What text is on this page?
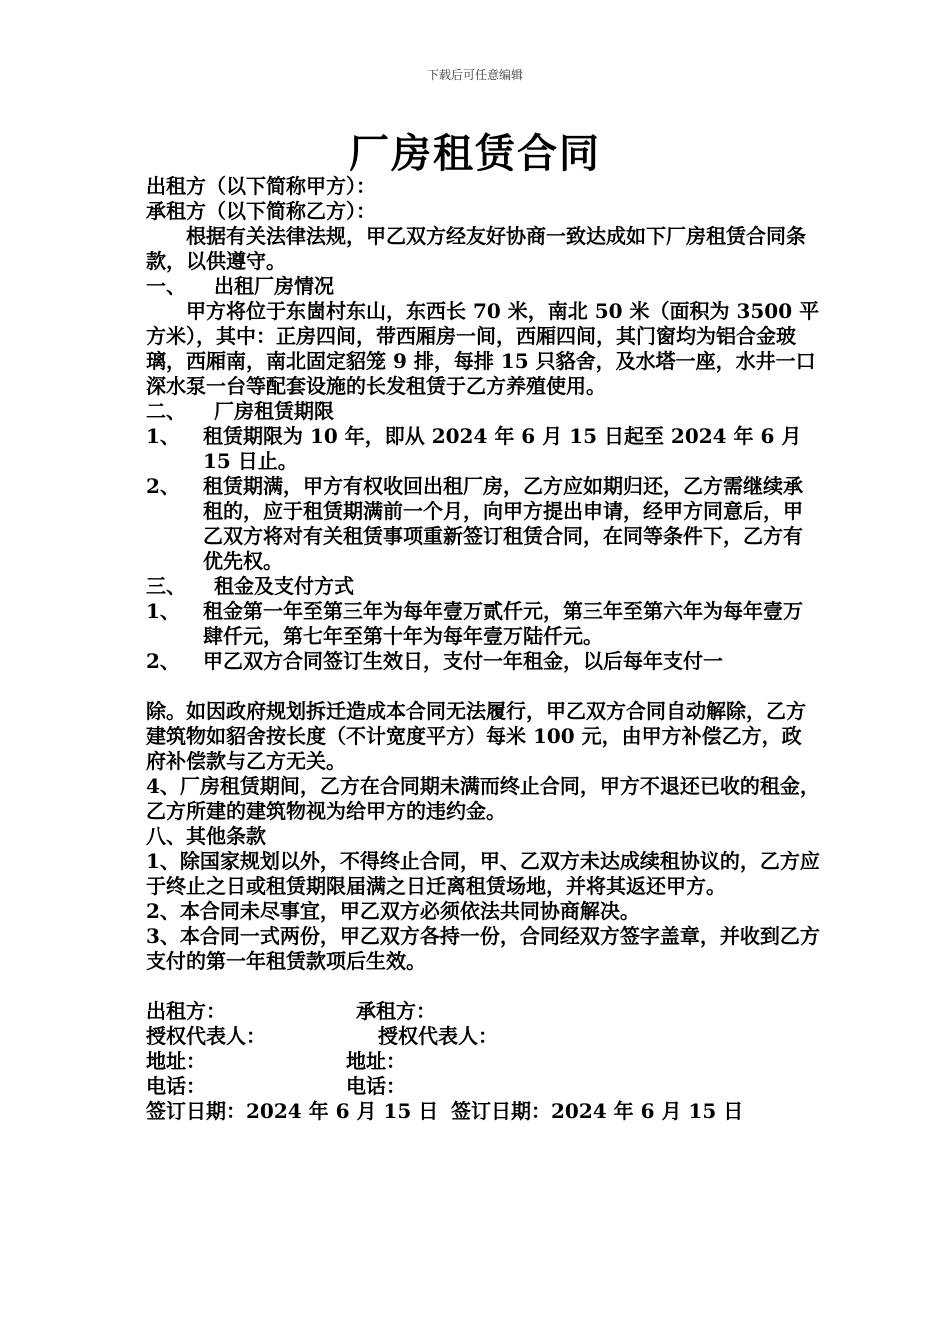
下载后可任意编辑
厂房租赁合同
出租方（以下简称甲方）：
承租方（以下简称乙方）：
根据有关法律法规，甲乙双方经友好协商一致达成如下厂房租赁合同条款，以供遵守。
一、 出租厂房情况
甲方将位于东崮村东山，东西长 70 米，南北 50 米（面积为 3500 平方米），其中：正房四间，带西厢房一间，西厢四间，其门窗均为铝合金玻璃，西厢南，南北固定貂笼 9 排，每排 15 只貉舍，及水塔一座，水井一口深水泵一台等配套设施的长发租赁于乙方养殖使用。
二、 厂房租赁期限
1、	租赁期限为 10 年，即从 2024 年 6 月 15 日起至 2024 年 6 月 15 日止。
2、	租赁期满，甲方有权收回出租厂房，乙方应如期归还，乙方需继续承租的，应于租赁期满前一个月，向甲方提出申请，经甲方同意后，甲乙双方将对有关租赁事项重新签订租赁合同，在同等条件下，乙方有优先权。
三、 租金及支付方式
1、	租金第一年至第三年为每年壹万贰仟元，第三年至第六年为每年壹万肆仟元，第七年至第十年为每年壹万陆仟元。
2、	甲乙双方合同签订生效日，支付一年租金，以后每年支付一
除。如因政府规划拆迁造成本合同无法履行，甲乙双方合同自动解除，乙方建筑物如貂舍按长度（不计宽度平方）每米 100 元，由甲方补偿乙方，政府补偿款与乙方无关。
4、厂房租赁期间，乙方在合同期未满而终止合同，甲方不退还已收的租金，乙方所建的建筑物视为给甲方的违约金。
八、其他条款
1、除国家规划以外，不得终止合同，甲、乙双方未达成续租协议的，乙方应于终止之日或租赁期限届满之日迁离租赁场地，并将其返还甲方。
2、本合同未尽事宜，甲乙双方必须依法共同协商解决。
3、本合同一式两份，甲乙双方各持一份，合同经双方签字盖章，并收到乙方支付的第一年租赁款项后生效。
出租方：	承租方：
授权代表人：	授权代表人：
地址：	地址：
电话：	电话：
签订日期：2024 年 6 月 15 日 签订日期：2024 年 6 月 15 日
